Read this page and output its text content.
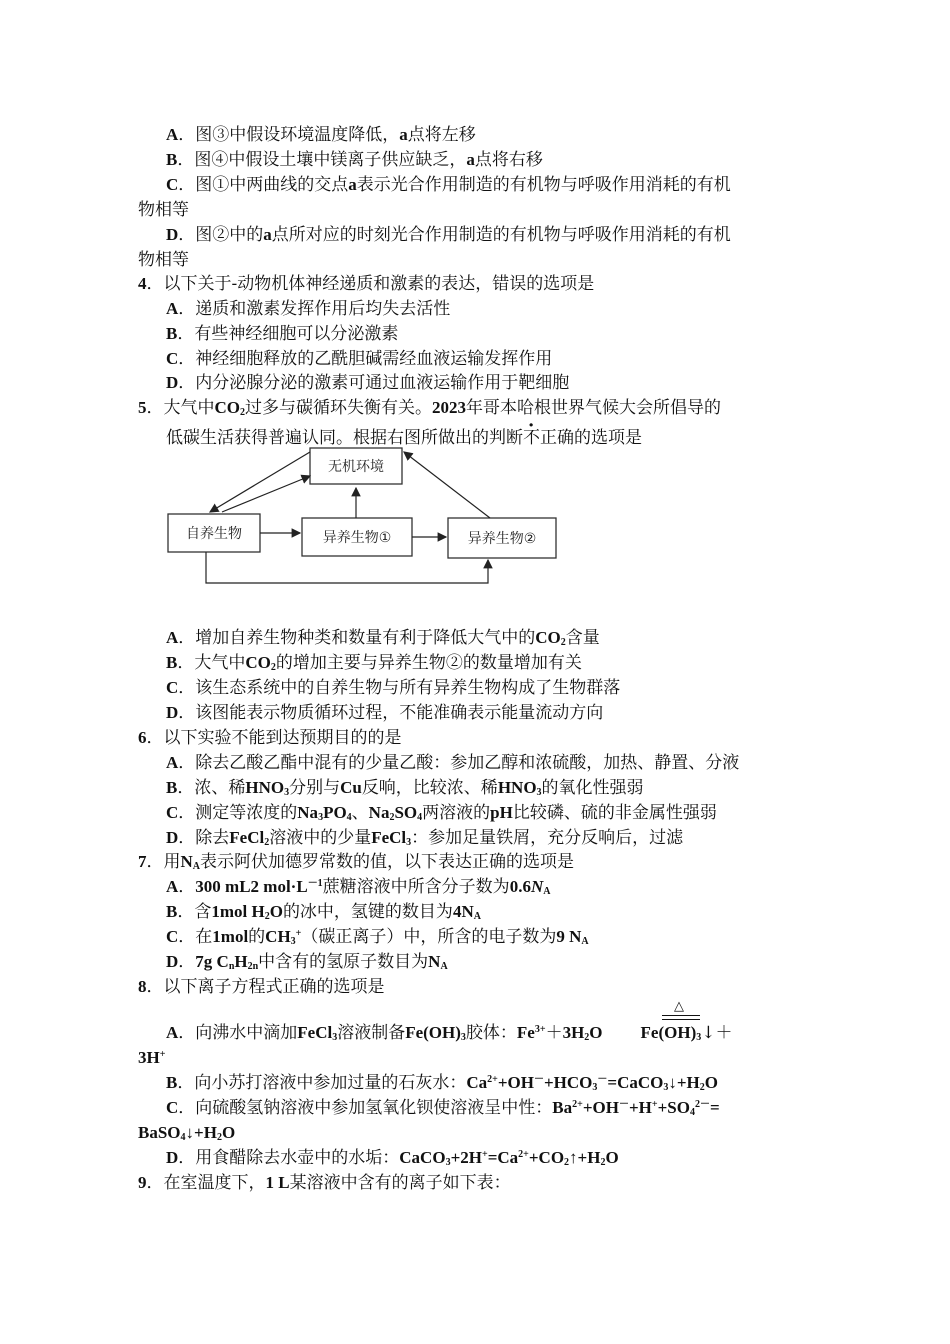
A．图③中假设环境温度降低，a点将左移
B．图④中假设土壤中镁离子供应缺乏，a点将右移
C．图①中两曲线的交点a表示光合作用制造的有机物与呼吸作用消耗的有机
物相等
D．图②中的a点所对应的时刻光合作用制造的有机物与呼吸作用消耗的有机
物相等
4．以下关于-动物机体神经递质和激素的表达，错误的选项是
A．递质和激素发挥作用后均失去活性
B．有些神经细胞可以分泌激素
C．神经细胞释放的乙酰胆碱需经血液运输发挥作用
D．内分泌腺分泌的激素可通过血液运输作用于靶细胞
5．大气中$CO_2$过多与碳循环失衡有关。2023年哥本哈根世界气候大会所倡导的
低碳生活获得普遍认同。根据右图所做出的判断不正确的选项是
无机环境
自养生物	异养生物①	异养生物②
A．增加自养生物种类和数量有利于降低大气中的$CO_2$含量
B．大气中$CO_2$的增加主要与异养生物②的数量增加有关
C．该生态系统中的自养生物与所有异养生物构成了生物群落
D．该图能表示物质循环过程，不能准确表示能量流动方向
6．以下实验不能到达预期目的的是
A．除去乙酸乙酯中混有的少量乙酸：参加乙醇和浓硫酸，加热、静置、分液
B．浓、稀$HNO_3$分别与Cu反响，比较浓、稀$HNO_3$的氧化性强弱
C．测定等浓度的$Na_3PO_4$、$Na_2SO_4$两溶液的pH比较磷、硫的非金属性强弱
D．除去FeCl$_2$溶液中的少量FeCl$_3$：参加足量铁屑，充分反响后，过滤
7．用$N_A$表示阿伏加德罗常数的值，以下表达正确的选项是
A．300 mL2 $mol\cdot L^{-1}$蔗糖溶液中所含分子数为$0.6N_A$
B．含1mol $H_2O$的冰中，氢键的数目为$4N_A$
C．在1mol的$CH_3^+$（碳正离子）中，所含的电子数为9 $N_A$
D．7g $C_nH_{2n}$中含有的氢原子数目为$N_A$
8．以下离子方程式正确的选项是
△
A．向沸水中滴加FeCl$_3$溶液制备$Fe(OH)_3$胶体：$Fe^{3+}+3H_2O$ $Fe(OH)_3↓+$
3H+
B．向小苏打溶液中参加过量的石灰水：$Ca^{2+}+OH^-+HCO_3^-=CaCO_3↓+H_2O$
C．向硫酸氢钠溶液中参加氢氧化钡使溶液呈中性：$Ba^{2+}+OH^-+H^++SO_4^{2-}=$
$BaSO_4↓+H_2O$
D．用食醋除去水壶中的水垢：$CaCO_3+2H^+=Ca^{2+}+CO_2↑+H_2O$
9．在室温度下，1 L某溶液中含有的离子如下表：
